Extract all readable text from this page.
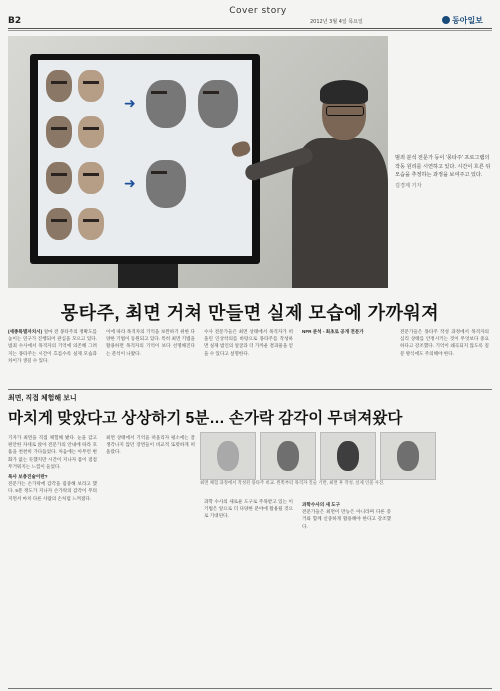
Cover story
B2	2012년 3월 4일 목요일	동아일보
➜
➜

범죄 분석 전문가 등이 '몽타주' 프로그램의 작동 원리를 시연하고 있다. 시간이 흐른 뒤 모습을 추정하는 과정을 보여주고 있다.

김경제 기자

몽타주, 최면 거쳐 만들면 실제 모습에 가까워져
(세종특별자치시) 얼마 전 몽타주의 정확도를 높이는 연구가 진행되어 관심을 모으고 있다. 범죄 수사에서 목격자의 기억에 의존해 그려지는 몽타주는 시간이 흐를수록 실제 모습과 차이가 생길 수 있다.
이에 따라 목격자의 기억을 보완하기 위한 다양한 기법이 동원되고 있다. 특히 최면 기법을 활용하면 목격자의 기억이 보다 선명해진다는 분석이 나왔다.
수사 전문가들은 최면 상태에서 목격자가 떠올린 인상착의를 바탕으로 몽타주를 작성하면 실제 범인의 얼굴과 더 가까운 결과물을 얻을 수 있다고 설명한다.
NFR 분석 - 최초로 공개 전문가	전문가들은 몽타주 작성 과정에서 목격자의 심리 상태를 안정시키는 것이 무엇보다 중요하다고 강조했다. 기억이 왜곡되지 않도록 질문 방식에도 주의해야 한다.
최면, 직접 체험해 보니
마치게 맞았다고 상상하기 5분… 손가락 감각이 무뎌져왔다
기자가 최면을 직접 체험해 봤다. 눈을 감고 편안한 자세로 앉아 전문가의 안내에 따라 호흡을 천천히 가다듬었다. 처음에는 아무런 변화가 없는 듯했지만 시간이 지나자 몸이 점점 무거워지는 느낌이 들었다.
목사 보충진술이란?
전문가는 손가락에 감각을 집중해 보라고 했다. 5분 정도가 지나자 손가락의 감각이 무뎌지면서 마치 다른 사람의 손처럼 느껴졌다.
최면 상태에서 기억을 떠올리자 평소에는 잘 생각나지 않던 장면들이 비교적 또렷하게 떠올랐다.
과학 수사의 새로운 도구로 주목받고 있는 이 기법은 앞으로 더 다양한 분야에 활용될 것으로 기대된다.
과학수사의 새 도구
전문가들은 최면이 만능은 아니라며 다른 증거와 함께 신중하게 활용해야 한다고 강조했다.
최면 체험 과정에서 작성된 몽타주 비교. 왼쪽부터 목격자 진술 기반, 최면 후 작성, 실제 인물 사진.
